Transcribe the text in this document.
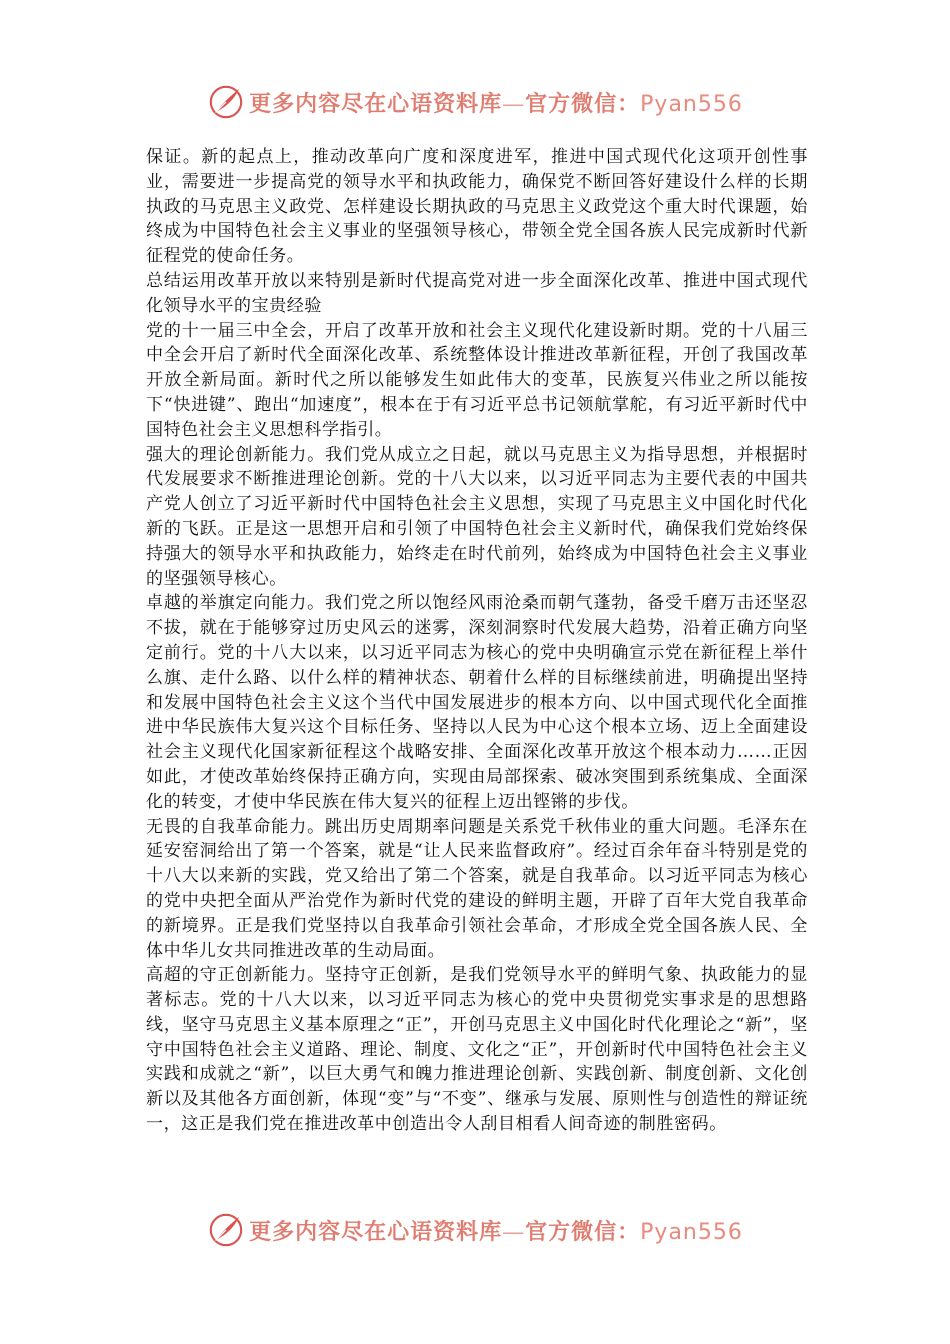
更多内容尽在心语资料库—官方微信：Pyan556

保证。新的起点上，推动改革向广度和深度进军，推进中国式现代化这项开创性事业，需要进一步提高党的领导水平和执政能力，确保党不断回答好建设什么样的长期执政的马克思主义政党、怎样建设长期执政的马克思主义政党这个重大时代课题，始终成为中国特色社会主义事业的坚强领导核心，带领全党全国各族人民完成新时代新征程党的使命任务。

总结运用改革开放以来特别是新时代提高党对进一步全面深化改革、推进中国式现代化领导水平的宝贵经验

党的十一届三中全会，开启了改革开放和社会主义现代化建设新时期。党的十八届三中全会开启了新时代全面深化改革、系统整体设计推进改革新征程，开创了我国改革开放全新局面。新时代之所以能够发生如此伟大的变革，民族复兴伟业之所以能按下“快进键”、跑出“加速度”，根本在于有习近平总书记领航掌舵，有习近平新时代中国特色社会主义思想科学指引。

强大的理论创新能力。我们党从成立之日起，就以马克思主义为指导思想，并根据时代发展要求不断推进理论创新。党的十八大以来，以习近平同志为主要代表的中国共产党人创立了习近平新时代中国特色社会主义思想，实现了马克思主义中国化时代化新的飞跃。正是这一思想开启和引领了中国特色社会主义新时代，确保我们党始终保持强大的领导水平和执政能力，始终走在时代前列，始终成为中国特色社会主义事业的坚强领导核心。

卓越的举旗定向能力。我们党之所以饱经风雨沧桑而朝气蓬勃，备受千磨万击还坚忍不拔，就在于能够穿过历史风云的迷雾，深刻洞察时代发展大趋势，沿着正确方向坚定前行。党的十八大以来，以习近平同志为核心的党中央明确宣示党在新征程上举什么旗、走什么路、以什么样的精神状态、朝着什么样的目标继续前进，明确提出坚持和发展中国特色社会主义这个当代中国发展进步的根本方向、以中国式现代化全面推进中华民族伟大复兴这个目标任务、坚持以人民为中心这个根本立场、迈上全面建设社会主义现代化国家新征程这个战略安排、全面深化改革开放这个根本动力……正因如此，才使改革始终保持正确方向，实现由局部探索、破冰突围到系统集成、全面深化的转变，才使中华民族在伟大复兴的征程上迈出铿锵的步伐。

无畏的自我革命能力。跳出历史周期率问题是关系党千秋伟业的重大问题。毛泽东在延安窑洞给出了第一个答案，就是“让人民来监督政府”。经过百余年奋斗特别是党的十八大以来新的实践，党又给出了第二个答案，就是自我革命。以习近平同志为核心的党中央把全面从严治党作为新时代党的建设的鲜明主题，开辟了百年大党自我革命的新境界。正是我们党坚持以自我革命引领社会革命，才形成全党全国各族人民、全体中华儿女共同推进改革的生动局面。

高超的守正创新能力。坚持守正创新，是我们党领导水平的鲜明气象、执政能力的显著标志。党的十八大以来，以习近平同志为核心的党中央贯彻党实事求是的思想路线，坚守马克思主义基本原理之“正”，开创马克思主义中国化时代化理论之“新”，坚守中国特色社会主义道路、理论、制度、文化之“正”，开创新时代中国特色社会主义实践和成就之“新”，以巨大勇气和魄力推进理论创新、实践创新、制度创新、文化创新以及其他各方面创新，体现“变”与“不变”、继承与发展、原则性与创造性的辩证统一，这正是我们党在推进改革中创造出令人刮目相看人间奇迹的制胜密码。

更多内容尽在心语资料库—官方微信：Pyan556
